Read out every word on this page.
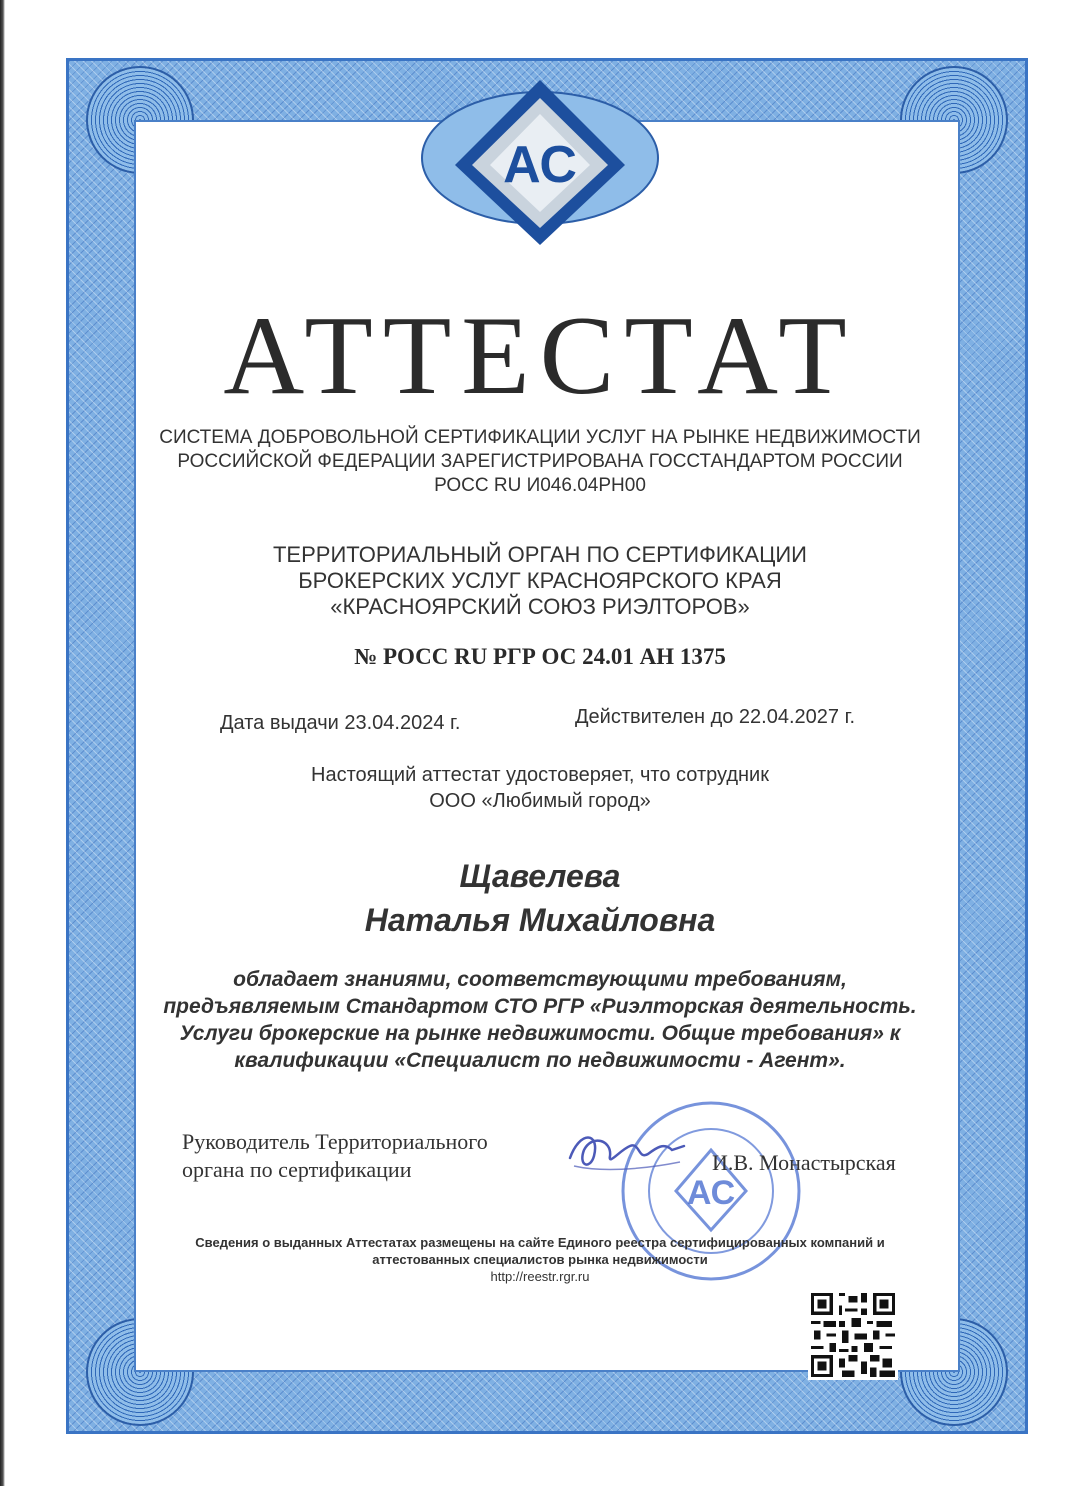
АС
АТТЕСТАТ
СИСТЕМА ДОБРОВОЛЬНОЙ СЕРТИФИКАЦИИ УСЛУГ НА РЫНКЕ НЕДВИЖИМОСТИ
РОССИЙСКОЙ ФЕДЕРАЦИИ ЗАРЕГИСТРИРОВАНА ГОССТАНДАРТОМ РОССИИ
РОСС RU И046.04РН00
ТЕРРИТОРИАЛЬНЫЙ ОРГАН ПО СЕРТИФИКАЦИИ
БРОКЕРСКИХ УСЛУГ КРАСНОЯРСКОГО КРАЯ
«КРАСНОЯРСКИЙ СОЮЗ РИЭЛТОРОВ»
№ РОСС RU РГР ОС 24.01 АН 1375
Дата выдачи 23.04.2024 г.	Действителен до 22.04.2027 г.
Настоящий аттестат удостоверяет, что сотрудник
ООО «Любимый город»
Щавелева
Наталья Михайловна
обладает знаниями, соответствующими требованиям,
предъявляемым Стандартом СТО РГР «Риэлторская деятельность.
Услуги брокерские на рынке недвижимости. Общие требования» к
квалификации «Специалист по недвижимости - Агент».
Руководитель Территориального
органа по сертификации
АС
И.В. Монастырская
Сведения о выданных Аттестатах размещены на сайте Единого реестра сертифицированных компаний и
аттестованных специалистов рынка недвижимости
http://reestr.rgr.ru
